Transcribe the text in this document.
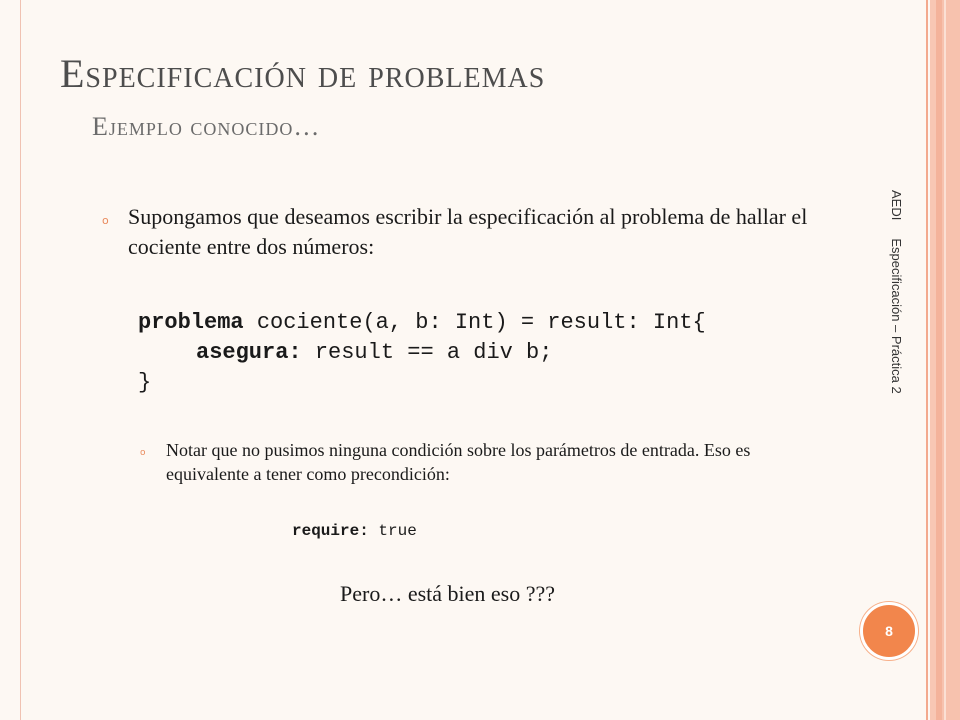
Especificación de problemas
Ejemplo conocido…
o Supongamos que deseamos escribir la especificación al problema de hallar el cociente entre dos números:
problema cociente(a, b: Int) = result: Int{
asegura: result == a div b;
}
o Notar que no pusimos ninguna condición sobre los parámetros de entrada. Eso es equivalente a tener como precondición:
require: true
Pero… está bien eso ???
AEDIEspecificación – Práctica 2
8
